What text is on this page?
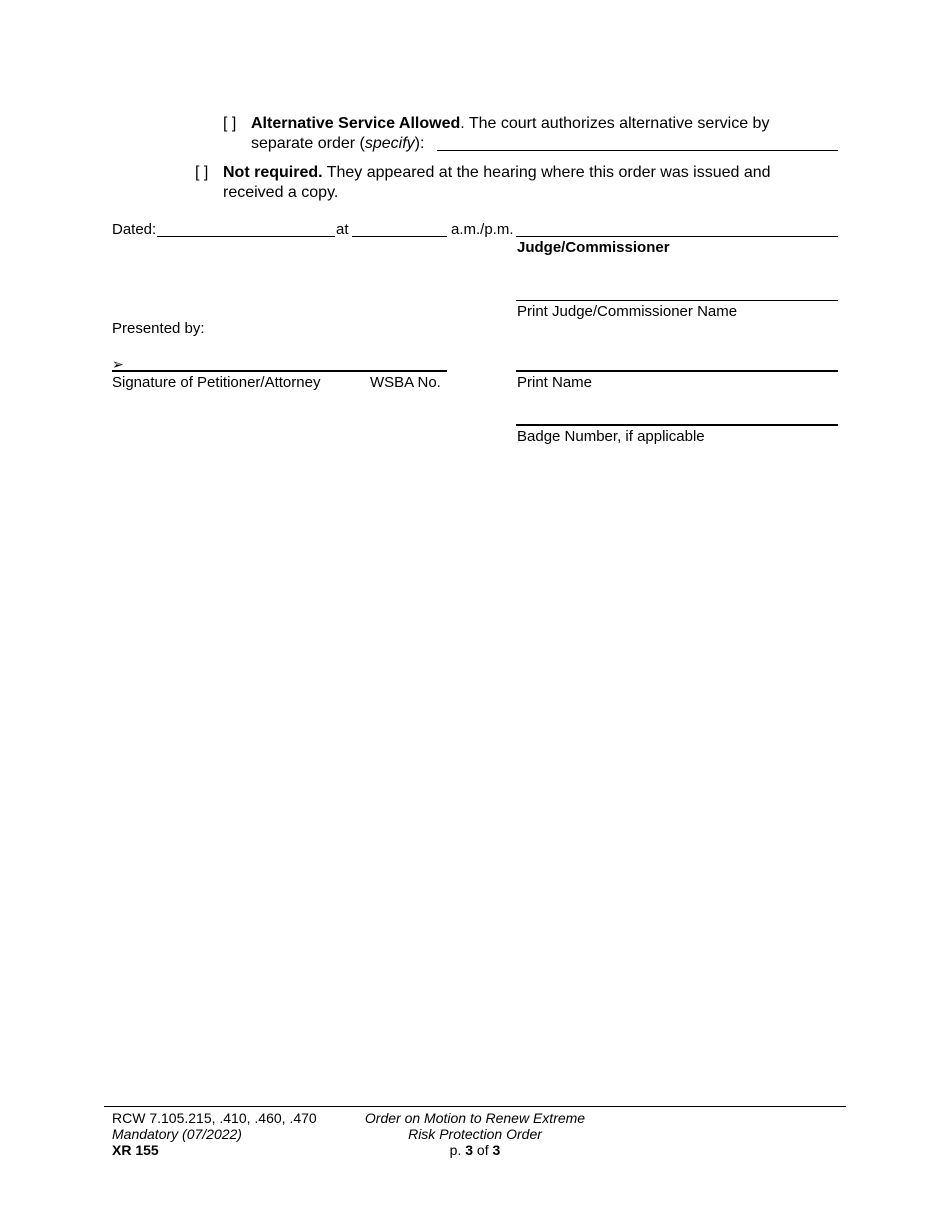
[ ] Alternative Service Allowed. The court authorizes alternative service by
separate order (specify):
[ ] Not required. They appeared at the hearing where this order was issued and
received a copy.
Dated:	at	a.m./p.m.
Judge/Commissioner
Print Judge/Commissioner Name
Presented by:
➢
Signature of Petitioner/Attorney	WSBA No.	Print Name
Badge Number, if applicable
RCW 7.105.215, .410, .460, .470
Mandatory (07/2022)
XR 155
Order on Motion to Renew Extreme
Risk Protection Order
p. 3 of 3
